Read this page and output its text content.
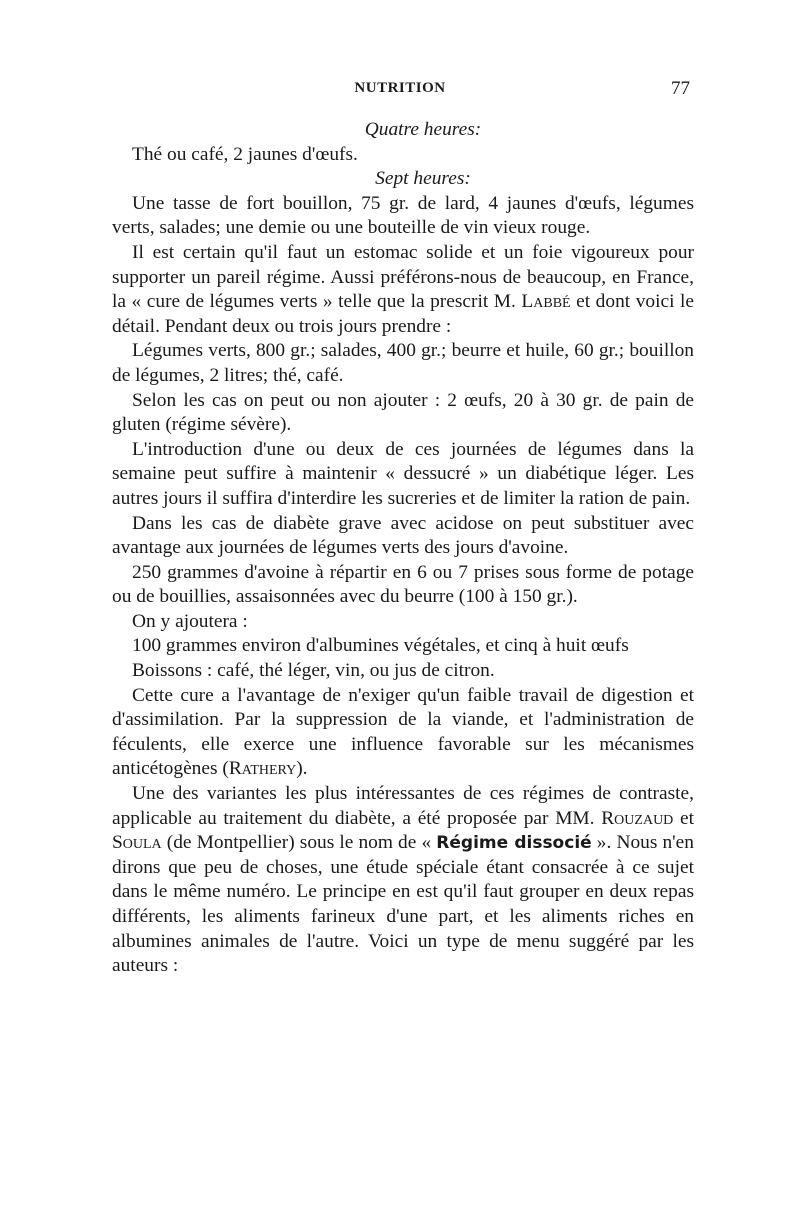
NUTRITION	77
Quatre heures:

Thé ou café, 2 jaunes d'œufs.

Sept heures:

Une tasse de fort bouillon, 75 gr. de lard, 4 jaunes d'œufs, légumes verts, salades; une demie ou une bouteille de vin vieux rouge.

Il est certain qu'il faut un estomac solide et un foie vigoureux pour supporter un pareil régime. Aussi préférons-nous de beaucoup, en France, la « cure de légumes verts » telle que la prescrit M. Labbé et dont voici le détail. Pendant deux ou trois jours prendre :

Légumes verts, 800 gr.; salades, 400 gr.; beurre et huile, 60 gr.; bouillon de légumes, 2 litres; thé, café.

Selon les cas on peut ou non ajouter : 2 œufs, 20 à 30 gr. de pain de gluten (régime sévère).

L'introduction d'une ou deux de ces journées de légumes dans la semaine peut suffire à maintenir « dessucré » un diabétique léger. Les autres jours il suffira d'interdire les sucreries et de limiter la ration de pain.

Dans les cas de diabète grave avec acidose on peut substituer avec avantage aux journées de légumes verts des jours d'avoine.

250 grammes d'avoine à répartir en 6 ou 7 prises sous forme de potage ou de bouillies, assaisonnées avec du beurre (100 à 150 gr.).

On y ajoutera :

100 grammes environ d'albumines végétales, et cinq à huit œufs

Boissons : café, thé léger, vin, ou jus de citron.

Cette cure a l'avantage de n'exiger qu'un faible travail de digestion et d'assimilation. Par la suppression de la viande, et l'administration de féculents, elle exerce une influence favorable sur les mécanismes anticétogènes (Rathery).

Une des variantes les plus intéressantes de ces régimes de contraste, applicable au traitement du diabète, a été proposée par MM. Rouzaud et Soula (de Montpellier) sous le nom de « Régime dissocié ». Nous n'en dirons que peu de choses, une étude spéciale étant consacrée à ce sujet dans le même numéro. Le principe en est qu'il faut grouper en deux repas différents, les aliments farineux d'une part, et les aliments riches en albumines animales de l'autre. Voici un type de menu suggéré par les auteurs :
